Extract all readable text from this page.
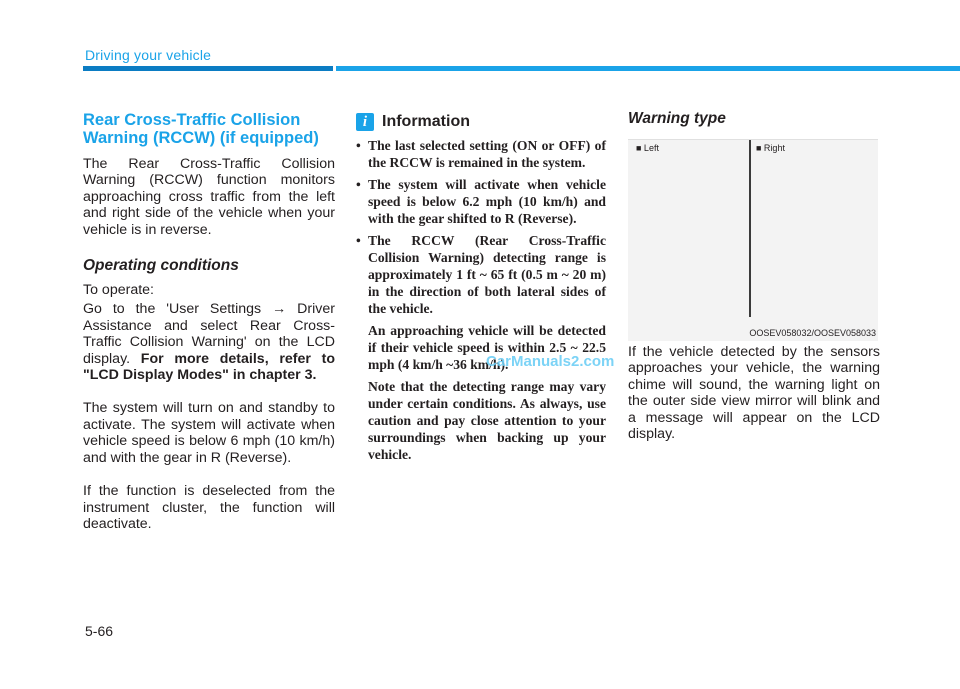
Driving your vehicle
Rear Cross-Traffic Collision Warning (RCCW) (if equipped)

The Rear Cross-Traffic Collision Warning (RCCW) function monitors approaching cross traffic from the left and right side of the vehicle when your vehicle is in reverse.

Operating conditions

To operate:

Go to the 'User Settings → Driver Assistance and select Rear Cross-Traffic Collision Warning' on the LCD display. For more details, refer to "LCD Display Modes" in chapter 3.

The system will turn on and standby to activate. The system will activate when vehicle speed is below 6 mph (10 km/h) and with the gear in R (Reverse).

If the function is deselected from the instrument cluster, the function will deactivate.

i Information
• The last selected setting (ON or OFF) of the RCCW is remained in the system.

• The system will activate when vehicle speed is below 6.2 mph (10 km/h) and with the gear shifted to R (Reverse).

• The RCCW (Rear Cross-Traffic Collision Warning) detecting range is approximately 1 ft ~ 65 ft (0.5 m ~ 20 m) in the direction of both lateral sides of the vehicle.

An approaching vehicle will be detected if their vehicle speed is within 2.5 ~ 22.5 mph (4 km/h ~36 km/h).

Note that the detecting range may vary under certain conditions. As always, use caution and pay close attention to your surroundings when backing up your vehicle.

Warning type
■ Left	■ Right
OOSEV058032/OOSEV058033

If the vehicle detected by the sensors approaches your vehicle, the warning chime will sound, the warning light on the outer side view mirror will blink and a message will appear on the LCD display.

CarManuals2.com
5-66
